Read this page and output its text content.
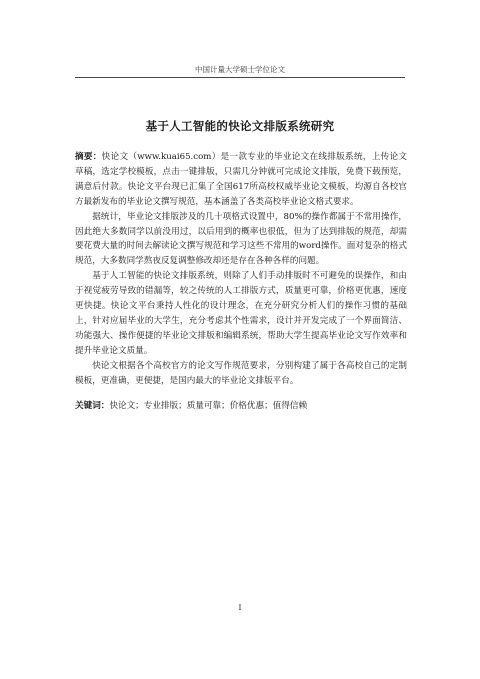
中国计量大学硕士学位论文
基于人工智能的快论文排版系统研究

摘要：快论文（www.kuai65.com）是一款专业的毕业论文在线排版系统，上传论文草稿，选定学校模板，点击一键排版，只需几分钟就可完成论文排版，免费下载预览，满意后付款。快论文平台现已汇集了全国617所高校权威毕业论文模板，均源自各校官方最新发布的毕业论文撰写规范，基本涵盖了各类高校毕业论文格式要求。

据统计，毕业论文排版涉及的几十项格式设置中，80%的操作都属于不常用操作，因此绝大多数同学以前没用过，以后用到的概率也很低，但为了达到排版的规范，却需要花费大量的时间去解读论文撰写规范和学习这些不常用的word操作。面对复杂的格式规范，大多数同学熬夜反复调整修改却还是存在各种各样的问题。

基于人工智能的快论文排版系统，则除了人们手动排版时不可避免的误操作，和由于视觉疲劳导致的错漏等，较之传统的人工排版方式，质量更可靠，价格更优惠，速度更快捷。快论文平台秉持人性化的设计理念，在充分研究分析人们的操作习惯的基础上，针对应届毕业的大学生，充分考虑其个性需求，设计并开发完成了一个界面简洁、功能强大、操作便捷的毕业论文排版和编辑系统，帮助大学生提高毕业论文写作效率和提升毕业论文质量。

快论文根据各个高校官方的论文写作规范要求，分别构建了属于各高校自己的定制模板，更准确，更便捷，是国内最大的毕业论文排版平台。

关键词：快论文；专业排版；质量可靠；价格优惠；值得信赖

I
